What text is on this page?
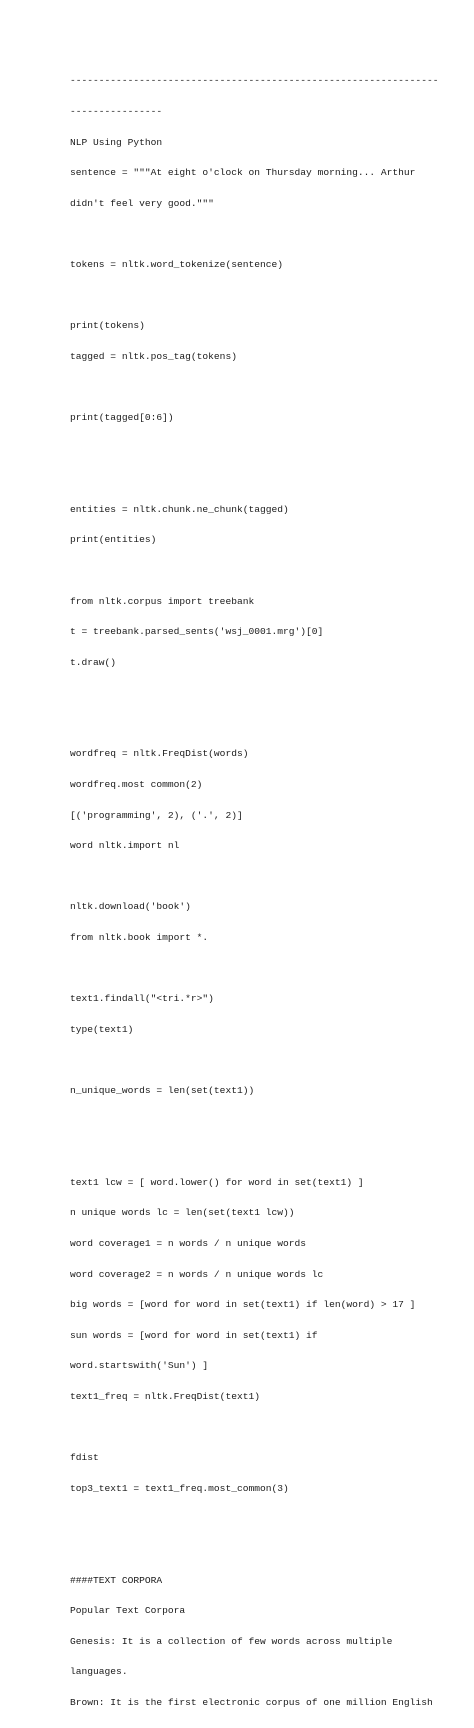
----------------------------------------------------------------

----------------

NLP Using Python

sentence = """At eight o'clock on Thursday morning... Arthur

didn't feel very good."""

tokens = nltk.word_tokenize(sentence)

print(tokens)

tagged = nltk.pos_tag(tokens)

print(tagged[0:6])

entities = nltk.chunk.ne_chunk(tagged)

print(entities)

from nltk.corpus import treebank

t = treebank.parsed_sents('wsj_0001.mrg')[0]

t.draw()

wordfreq = nltk.FreqDist(words)

wordfreq.most common(2)

[('programming', 2), ('.', 2)]

word nltk.import nl

nltk.download('book')

from nltk.book import *.

text1.findall("<tri.*r>")

type(text1)

n_unique_words = len(set(text1))

text1 lcw = [ word.lower() for word in set(text1) ]

n unique words lc = len(set(text1 lcw))

word coverage1 = n words / n unique words

word coverage2 = n words / n unique words lc

big words = [word for word in set(text1) if len(word) > 17 ]

sun words = [word for word in set(text1) if

word.startswith('Sun') ]

text1_freq = nltk.FreqDist(text1)

fdist

top3_text1 = text1_freq.most_common(3)

####TEXT CORPORA

Popular Text Corpora

Genesis: It is a collection of few words across multiple

languages.

Brown: It is the first electronic corpus of one million English
